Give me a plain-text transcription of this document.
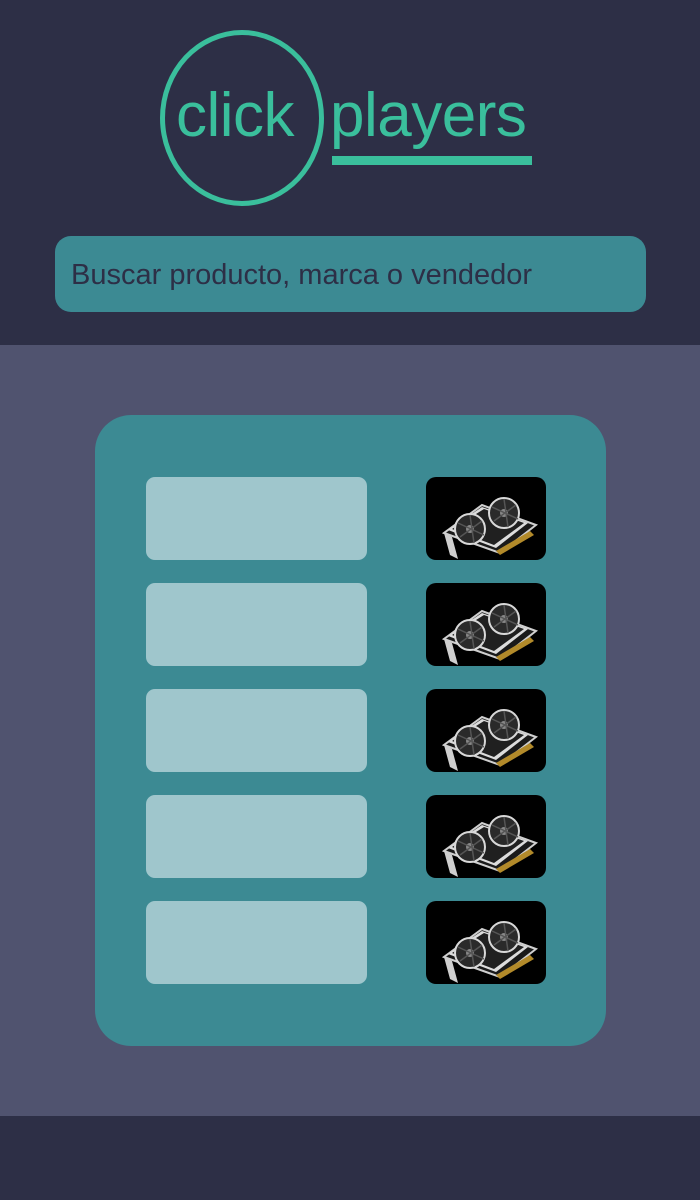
click players
Buscar producto, marca o vendedor
